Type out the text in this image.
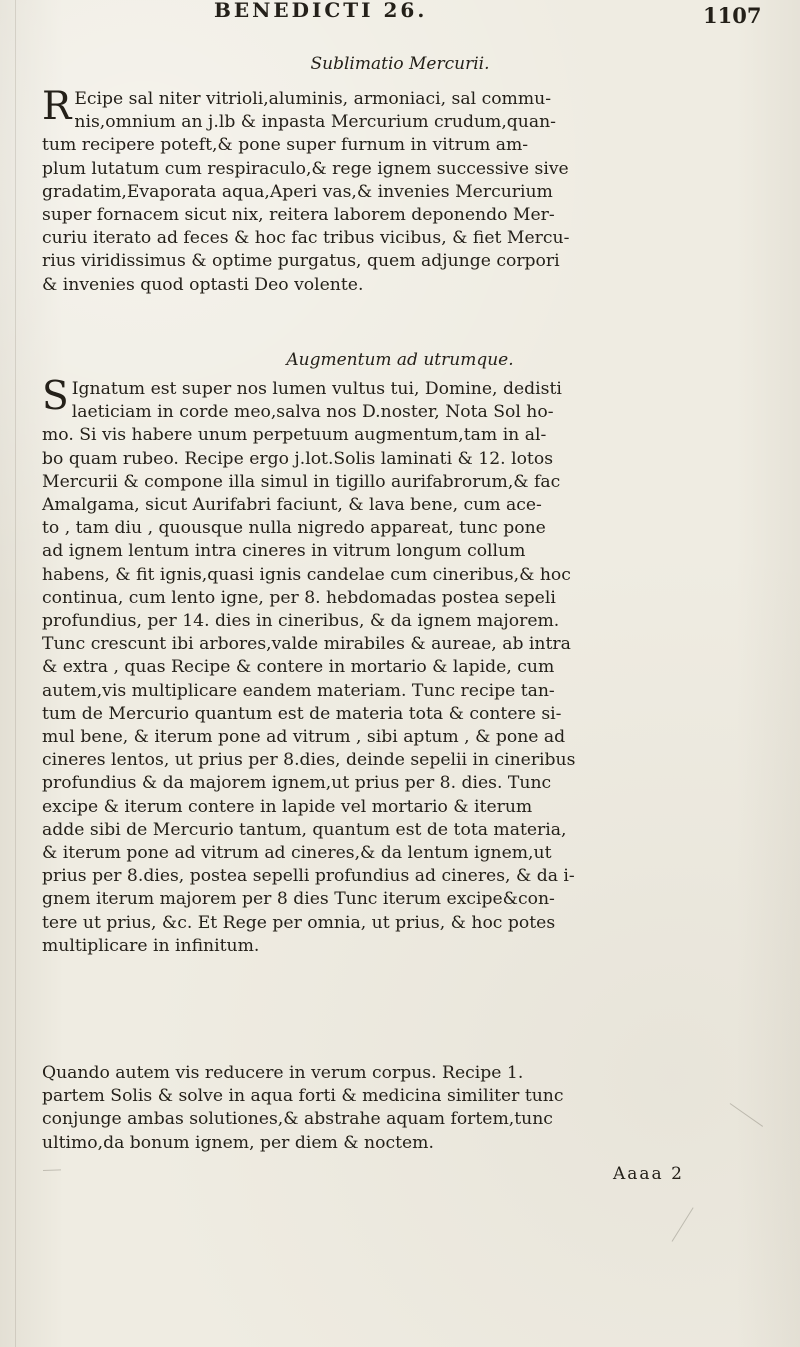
BENEDICTI 26.	1107
Sublimatio Mercurii.
R Ecipe sal niter vitrioli,aluminis, armoniaci, sal commu-
nis,omnium an j.lb & inpasta Mercurium crudum,quan-
tum recipere poteft,& pone super furnum in vitrum am-
plum lutatum cum respiraculo,& rege ignem successive sive
gradatim,Evaporata aqua,Aperi vas,& invenies Mercurium
super fornacem sicut nix, reitera laborem deponendo Mer-
curiu iterato ad feces & hoc fac tribus vicibus, & fiet Mercu-
rius viridissimus & optime purgatus, quem adjunge corpori
& invenies quod optasti Deo volente.
Augmentum ad utrumque.
S Ignatum est super nos lumen vultus tui, Domine, dedisti
laeticiam in corde meo,salva nos D.noster, Nota Sol ho-
mo. Si vis habere unum perpetuum augmentum,tam in al-
bo quam rubeo. Recipe ergo j.lot.Solis laminati & 12. lotos
Mercurii & compone illa simul in tigillo aurifabrorum,& fac
Amalgama, sicut Aurifabri faciunt, & lava bene, cum ace-
to , tam diu , quousque nulla nigredo appareat, tunc pone
ad ignem lentum intra cineres in vitrum longum collum
habens, & fit ignis,quasi ignis candelae cum cineribus,& hoc
continua, cum lento igne, per 8. hebdomadas postea sepeli
profundius, per 14. dies in cineribus, & da ignem majorem.
Tunc crescunt ibi arbores,valde mirabiles & aureae, ab intra
& extra , quas Recipe & contere in mortario & lapide, cum
autem,vis multiplicare eandem materiam. Tunc recipe tan-
tum de Mercurio quantum est de materia tota & contere si-
mul bene, & iterum pone ad vitrum , sibi aptum , & pone ad
cineres lentos, ut prius per 8.dies, deinde sepelii in cineribus
profundius & da majorem ignem,ut prius per 8. dies. Tunc
excipe & iterum contere in lapide vel mortario & iterum
adde sibi de Mercurio tantum, quantum est de tota materia,
& iterum pone ad vitrum ad cineres,& da lentum ignem,ut
prius per 8.dies, postea sepelli profundius ad cineres, & da i-
gnem iterum majorem per 8 dies Tunc iterum excipe&con-
tere ut prius, &c. Et Rege per omnia, ut prius, & hoc potes
multiplicare in infinitum.
Quando autem vis reducere in verum corpus. Recipe 1.
partem Solis & solve in aqua forti & medicina similiter tunc
conjunge ambas solutiones,& abstrahe aquam fortem,tunc
ultimo,da bonum ignem, per diem & noctem.
Aaaa 2
